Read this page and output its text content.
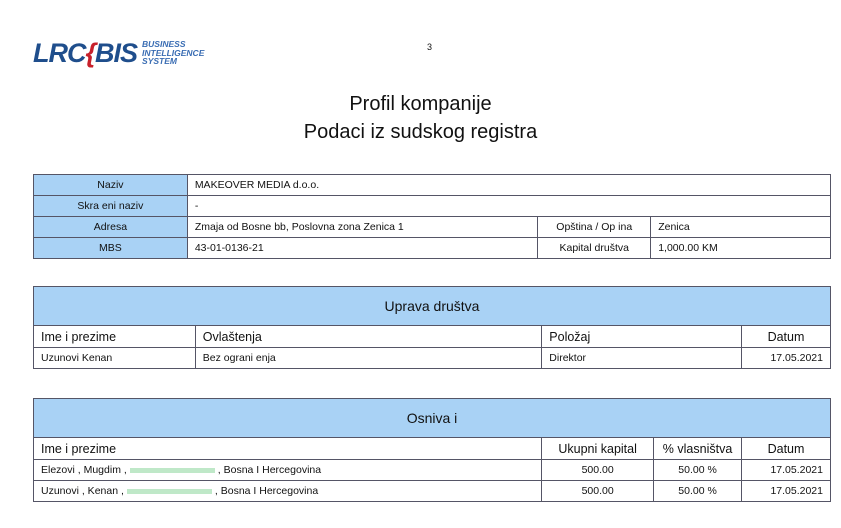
LRC{BIS BUSINESS
INTELLIGENCE
SYSTEM
3
Profil kompanije
Podaci iz sudskog registra
Naziv	MAKEOVER MEDIA d.o.o.		
Skra eni naziv	-		
Adresa	Zmaja od Bosne bb, Poslovna zona Zenica 1	Opština / Op ina	Zenica
MBS	43-01-0136-21	Kapital društva	1,000.00 KM
Uprava društva			
Ime i prezime	Ovlaštenja	Položaj	Datum
Uzunovi Kenan	Bez ograni enja	Direktor	17.05.2021
Osniva i			
Ime i prezime	Ukupni kapital	% vlasništva	Datum
Elezovi , Mugdim , , Bosna I Hercegovina	500.00	50.00 %	17.05.2021
Uzunovi , Kenan , , Bosna I Hercegovina	500.00	50.00 %	17.05.2021
